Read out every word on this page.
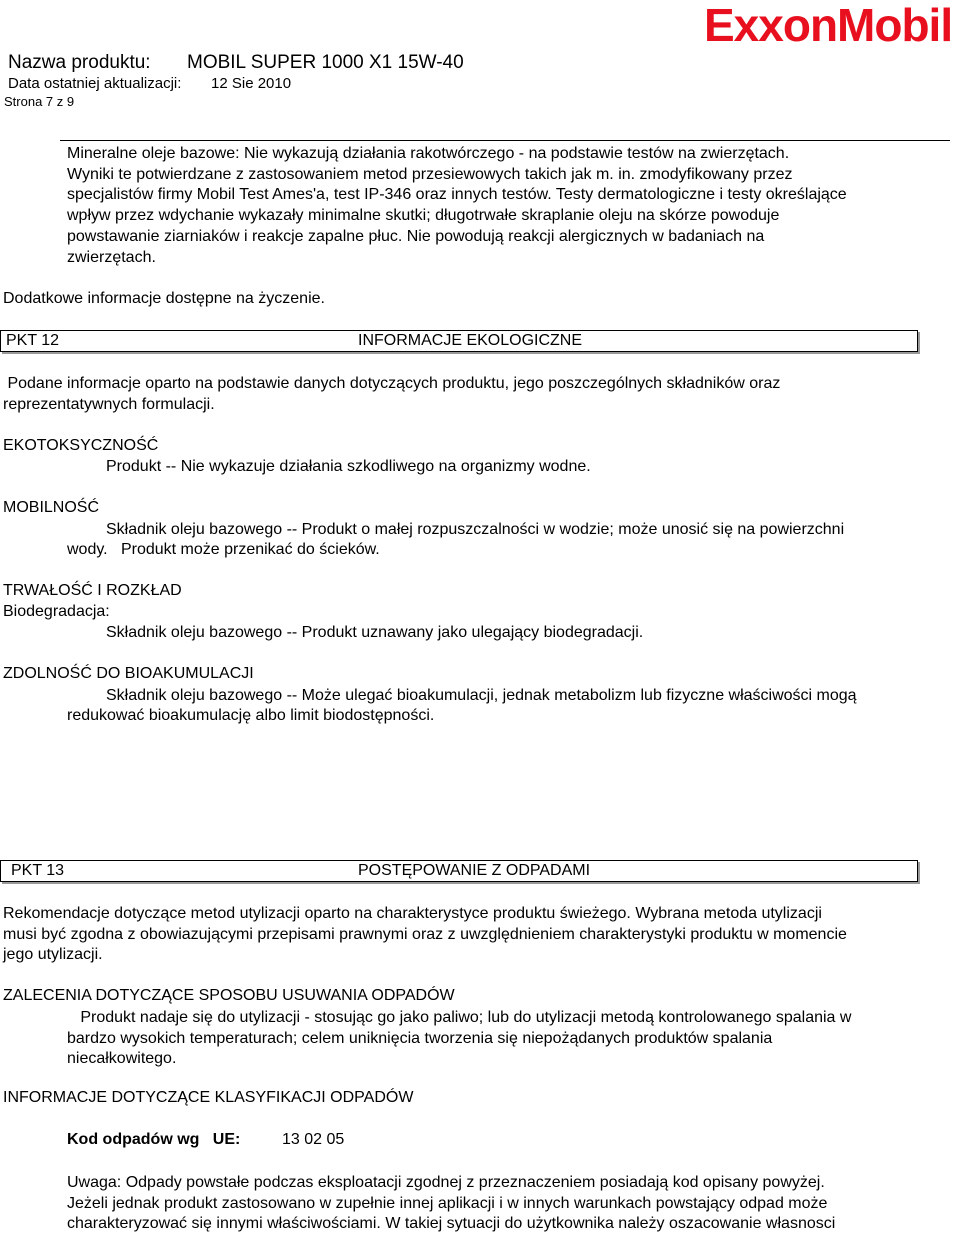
ExxonMobil
Nazwa produktu: MOBIL SUPER 1000 X1 15W-40
Data ostatniej aktualizacji: 12 Sie 2010
Strona 7 z 9
Mineralne oleje bazowe: Nie wykazują działania rakotwórczego - na podstawie testów na zwierzętach.
Wyniki te potwierdzane z zastosowaniem metod przesiewowych takich jak m. in. zmodyfikowany przez
specjalistów firmy Mobil Test Ames'a, test IP-346 oraz innych testów. Testy dermatologiczne i testy określające
wpływ przez wdychanie wykazały minimalne skutki; długotrwałe skraplanie oleju na skórze powoduje
powstawanie ziarniaków i reakcje zapalne płuc. Nie powodują reakcji alergicznych w badaniach na
zwierzętach.
Dodatkowe informacje dostępne na życzenie.
PKT 12	INFORMACJE EKOLOGICZNE
Podane informacje oparto na podstawie danych dotyczących produktu, jego poszczególnych składników oraz
reprezentatywnych formulacji.
EKOTOKSYCZNOŚĆ
Produkt -- Nie wykazuje działania szkodliwego na organizmy wodne.
MOBILNOŚĆ
Składnik oleju bazowego -- Produkt o małej rozpuszczalności w wodzie; może unosić się na powierzchni
wody.   Produkt może przenikać do ścieków.
TRWAŁOŚĆ I ROZKŁAD
Biodegradacja:
Składnik oleju bazowego -- Produkt uznawany jako ulegający biodegradacji.
ZDOLNOŚĆ DO BIOAKUMULACJI
Składnik oleju bazowego -- Może ulegać bioakumulacji, jednak metabolizm lub fizyczne właściwości mogą
redukować bioakumulację albo limit biodostępności.
PKT 13	POSTĘPOWANIE Z ODPADAMI
Rekomendacje dotyczące metod utylizacji oparto na charakterystyce produktu świeżego. Wybrana metoda utylizacji
musi być zgodna z obowiazującymi przepisami prawnymi oraz z uwzględnieniem charakterystyki produktu w momencie
jego utylizacji.
ZALECENIA DOTYCZĄCE SPOSOBU USUWANIA ODPADÓW
Produkt nadaje się do utylizacji - stosując go jako paliwo; lub do utylizacji metodą kontrolowanego spalania w
bardzo wysokich temperaturach; celem uniknięcia tworzenia się niepożądanych produktów spalania
niecałkowitego.
INFORMACJE DOTYCZĄCE KLASYFIKACJI ODPADÓW
Kod odpadów wg   UE:	13 02 05
Uwaga: Odpady powstałe podczas eksploatacji zgodnej z przeznaczeniem posiadają kod opisany powyżej.
Jeżeli jednak produkt zastosowano w zupełnie innej aplikacji i w innych warunkach powstający odpad może
charakteryzować się innymi właściwościami. W takiej sytuacji do użytkownika należy oszacowanie własnosci
